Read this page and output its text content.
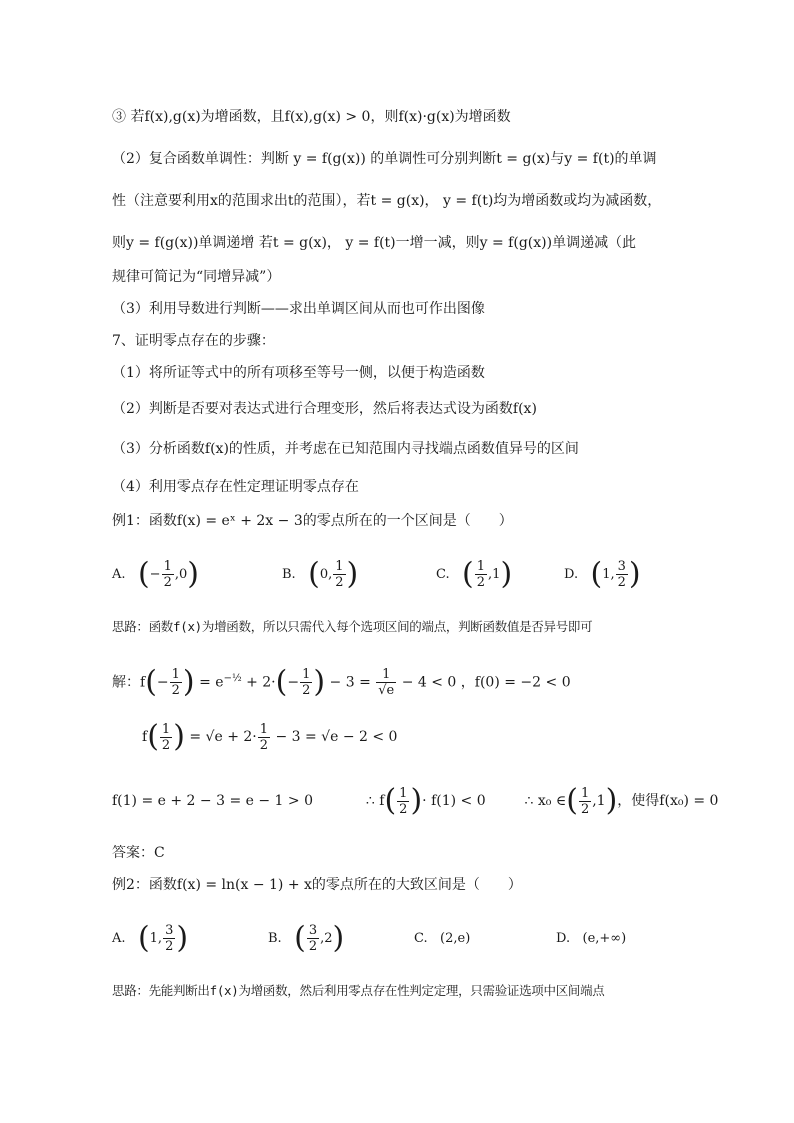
③ 若f(x),g(x)为增函数，且f(x),g(x) > 0，则f(x)·g(x)为增函数
（2）复合函数单调性：判断 y = f(g(x)) 的单调性可分别判断t = g(x)与y = f(t)的单调
性（注意要利用x的范围求出t的范围），若t = g(x)， y = f(t)均为增函数或均为减函数，
则y = f(g(x))单调递增 若t = g(x)， y = f(t)一增一减，则y = f(g(x))单调递减（此
规律可简记为“同增异减”）
（3）利用导数进行判断——求出单调区间从而也可作出图像
7、证明零点存在的步骤：
（1）将所证等式中的所有项移至等号一侧，以便于构造函数
（2）判断是否要对表达式进行合理变形，然后将表达式设为函数f(x)
（3）分析函数f(x)的性质，并考虑在已知范围内寻找端点函数值异号的区间
（4）利用零点存在性定理证明零点存在
例1：函数f(x) = eˣ + 2x − 3的零点所在的一个区间是（　　）
A. (− $\frac{1}{2} ,0$)	B. (0, $\frac{1}{2}$ )	C. ( $\frac{1}{2} ,1$)	D. (1, $\frac{3}{2}$ )
思路：函数f(x)为增函数，所以只需代入每个选项区间的端点，判断函数值是否异号即可
解：$f(- \frac{1}{2}$ ) = $e^{-\frac{1}{2}} + 2\cdot(- \frac{1}{2}$ ) − $3 = \frac{1}{√e} - 4 < 0$ ，f(0) = −2 < 0
$f( \frac{1}{2}$ ) = $√e + 2\cdot \frac{1}{2} - 3 = √e - 2 < 0$
f(1) = e + 2 − 3 = e − 1 > 0	∴ $f( \frac{1}{2}$ )· f(1) < 0	∴ x₀ ∈( $\frac{1}{2} ,1$)，使得f(x₀) = 0
答案：C
例2：函数f(x) = ln(x − 1) + x的零点所在的大致区间是（　　）
A. (1, $\frac{3}{2}$ )	B. ( $\frac{3}{2} ,2$)	C. (2,e)	D. (e,+∞)
思路：先能判断出f(x)为增函数，然后利用零点存在性判定定理，只需验证选项中区间端点
